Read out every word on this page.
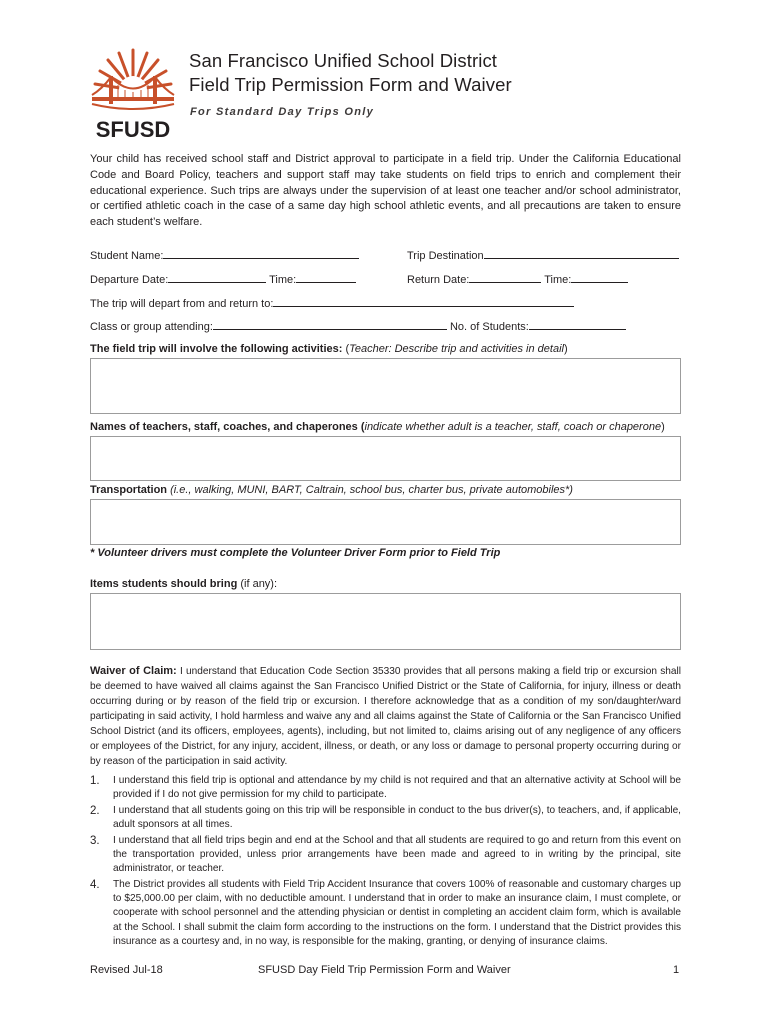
SFUSD
San Francisco Unified School District
Field Trip Permission Form and Waiver
For Standard Day Trips Only
Your child has received school staff and District approval to participate in a field trip. Under the California Educational Code and Board Policy, teachers and support staff may take students on field trips to enrich and complement their educational experience. Such trips are always under the supervision of at least one teacher and/or school administrator, or certified athletic coach in the case of a same day high school athletic events, and all precautions are taken to ensure each student’s welfare.
Student Name:	Trip Destination
Departure Date:	Time:	Return Date:	Time:
The trip will depart from and return to:
Class or group attending:	No. of Students:
The field trip will involve the following activities: (Teacher: Describe trip and activities in detail)
Names of teachers, staff, coaches, and chaperones (indicate whether adult is a teacher, staff, coach or chaperone)
Transportation (i.e., walking, MUNI, BART, Caltrain, school bus, charter bus, private automobiles*)
* Volunteer drivers must complete the Volunteer Driver Form prior to Field Trip
Items students should bring (if any):
Waiver of Claim: I understand that Education Code Section 35330 provides that all persons making a field trip or excursion shall be deemed to have waived all claims against the San Francisco Unified District or the State of California, for injury, illness or death occurring during or by reason of the field trip or excursion. I therefore acknowledge that as a condition of my son/daughter/ward participating in said activity, I hold harmless and waive any and all claims against the State of California or the San Francisco Unified School District (and its officers, employees, agents), including, but not limited to, claims arising out of any negligence of any officers or employees of the District, for any injury, accident, illness, or death, or any loss or damage to personal property occurring during or by reason of the participation in said activity.
1. I understand this field trip is optional and attendance by my child is not required and that an alternative activity at School will be provided if I do not give permission for my child to participate.
2. I understand that all students going on this trip will be responsible in conduct to the bus driver(s), to teachers, and, if applicable, adult sponsors at all times.
3. I understand that all field trips begin and end at the School and that all students are required to go and return from this event on the transportation provided, unless prior arrangements have been made and agreed to in writing by the principal, site administrator, or teacher.
4. The District provides all students with Field Trip Accident Insurance that covers 100% of reasonable and customary charges up to $25,000.00 per claim, with no deductible amount. I understand that in order to make an insurance claim, I must complete, or cooperate with school personnel and the attending physician or dentist in completing an accident claim form, which is available at the School. I shall submit the claim form according to the instructions on the form. I understand that the District provides this insurance as a courtesy and, in no way, is responsible for the making, granting, or denying of insurance claims.
Revised Jul-18	SFUSD Day Field Trip Permission Form and Waiver	1
